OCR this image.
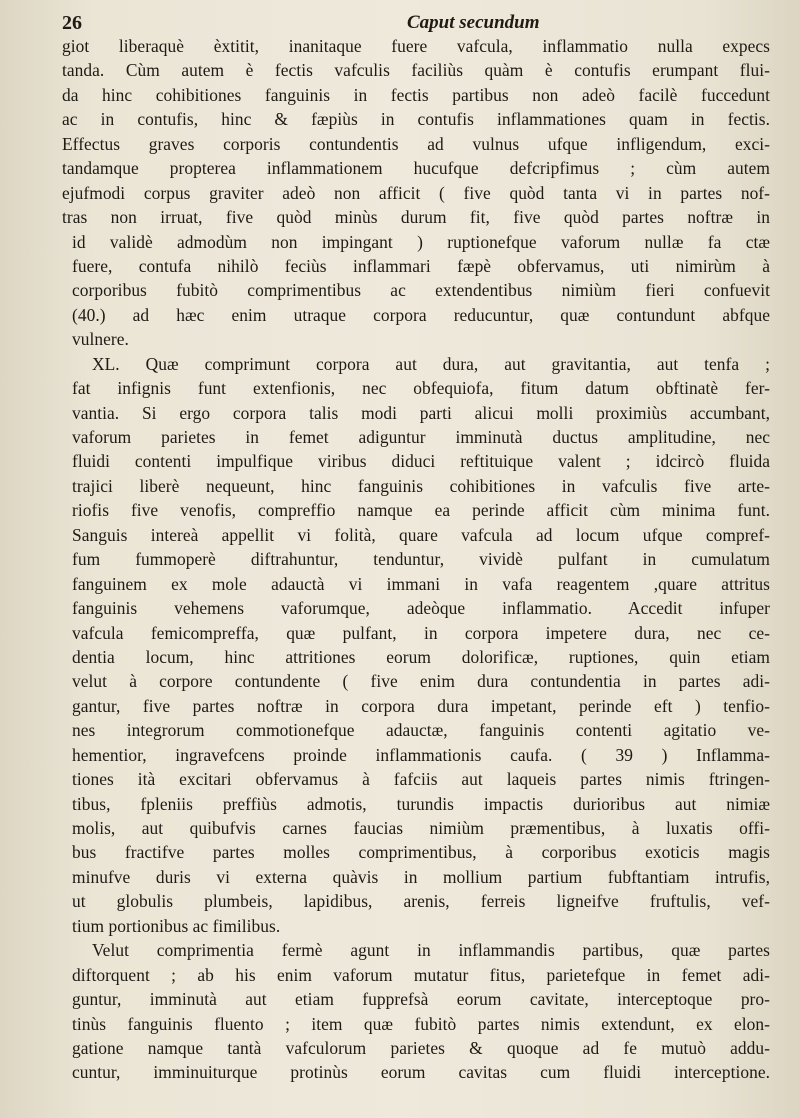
26	Caput secundum
giot liberaquè èxtitit, inanitaque fuere vafcula, inflammatio nulla expecs
tanda. Cùm autem è fectis vafculis faciliùs quàm è contufis erumpant flui-
da hinc cohibitiones fanguinis in fectis partibus non adeò facilè fuccedunt
ac in contufis, hinc & fæpiùs in contufis inflammationes quam in fectis.
Effectus graves corporis contundentis ad vulnus ufque infligendum, exci-
tandamque propterea inflammationem hucufque defcripfimus ; cùm autem
ejufmodi corpus graviter adeò non afficit ( five quòd tanta vi in partes nof-
tras non irruat, five quòd minùs durum fit, five quòd partes noftræ in
id validè admodùm non impingant ) ruptionefque vaforum nullæ fa ctæ
fuere, contufa nihilò feciùs inflammari fæpè obfervamus, uti nimirùm à
corporibus fubitò comprimentibus ac extendentibus nimiùm fieri confuevit
(40.) ad hæc enim utraque corpora reducuntur, quæ contundunt abfque
vulnere.
XL. Quæ comprimunt corpora aut dura, aut gravitantia, aut tenfa ;
fat infignis funt extenfionis, nec obfequiofa, fitum datum obftinatè fer-
vantia. Si ergo corpora talis modi parti alicui molli proximiùs accumbant,
vaforum parietes in femet adiguntur imminutà ductus amplitudine, nec
fluidi contenti impulfique viribus diduci reftituique valent ; idcircò fluida
trajici liberè nequeunt, hinc fanguinis cohibitiones in vafculis five arte-
riofis five venofis, compreffio namque ea perinde afficit cùm minima funt.
Sanguis intereà appellit vi folità, quare vafcula ad locum ufque compref-
fum fummoperè diftrahuntur, tenduntur, vividè pulfant in cumulatum
fanguinem ex mole adauctà vi immani in vafa reagentem ,quare attritus
fanguinis vehemens vaforumque, adeòque inflammatio. Accedit infuper
vafcula femicompreffa, quæ pulfant, in corpora impetere dura, nec ce-
dentia locum, hinc attritiones eorum dolorificæ, ruptiones, quin etiam
velut à corpore contundente ( five enim dura contundentia in partes adi-
gantur, five partes noftræ in corpora dura impetant, perinde eft ) tenfio-
nes integrorum commotionefque adauctæ, fanguinis contenti agitatio ve-
hementior, ingravefcens proinde inflammationis caufa. ( 39 ) Inflamma-
tiones ità excitari obfervamus à fafciis aut laqueis partes nimis ftringen-
tibus, fpleniis preffiùs admotis, turundis impactis durioribus aut nimiæ
molis, aut quibufvis carnes faucias nimiùm præmentibus, à luxatis offi-
bus fractifve partes molles comprimentibus, à corporibus exoticis magis
minufve duris vi externa quàvis in mollium partium fubftantiam intrufis,
ut globulis plumbeis, lapidibus, arenis, ferreis ligneifve fruftulis, vef-
tium portionibus ac fimilibus.
Velut comprimentia fermè agunt in inflammandis partibus, quæ partes
diftorquent ; ab his enim vaforum mutatur fitus, parietefque in femet adi-
guntur, imminutà aut etiam fupprefsà eorum cavitate, interceptoque pro-
tinùs fanguinis fluento ; item quæ fubitò partes nimis extendunt, ex elon-
gatione namque tantà vafculorum parietes & quoque ad fe mutuò addu-
cuntur, imminuiturque protinùs eorum cavitas cum fluidi interceptione.
